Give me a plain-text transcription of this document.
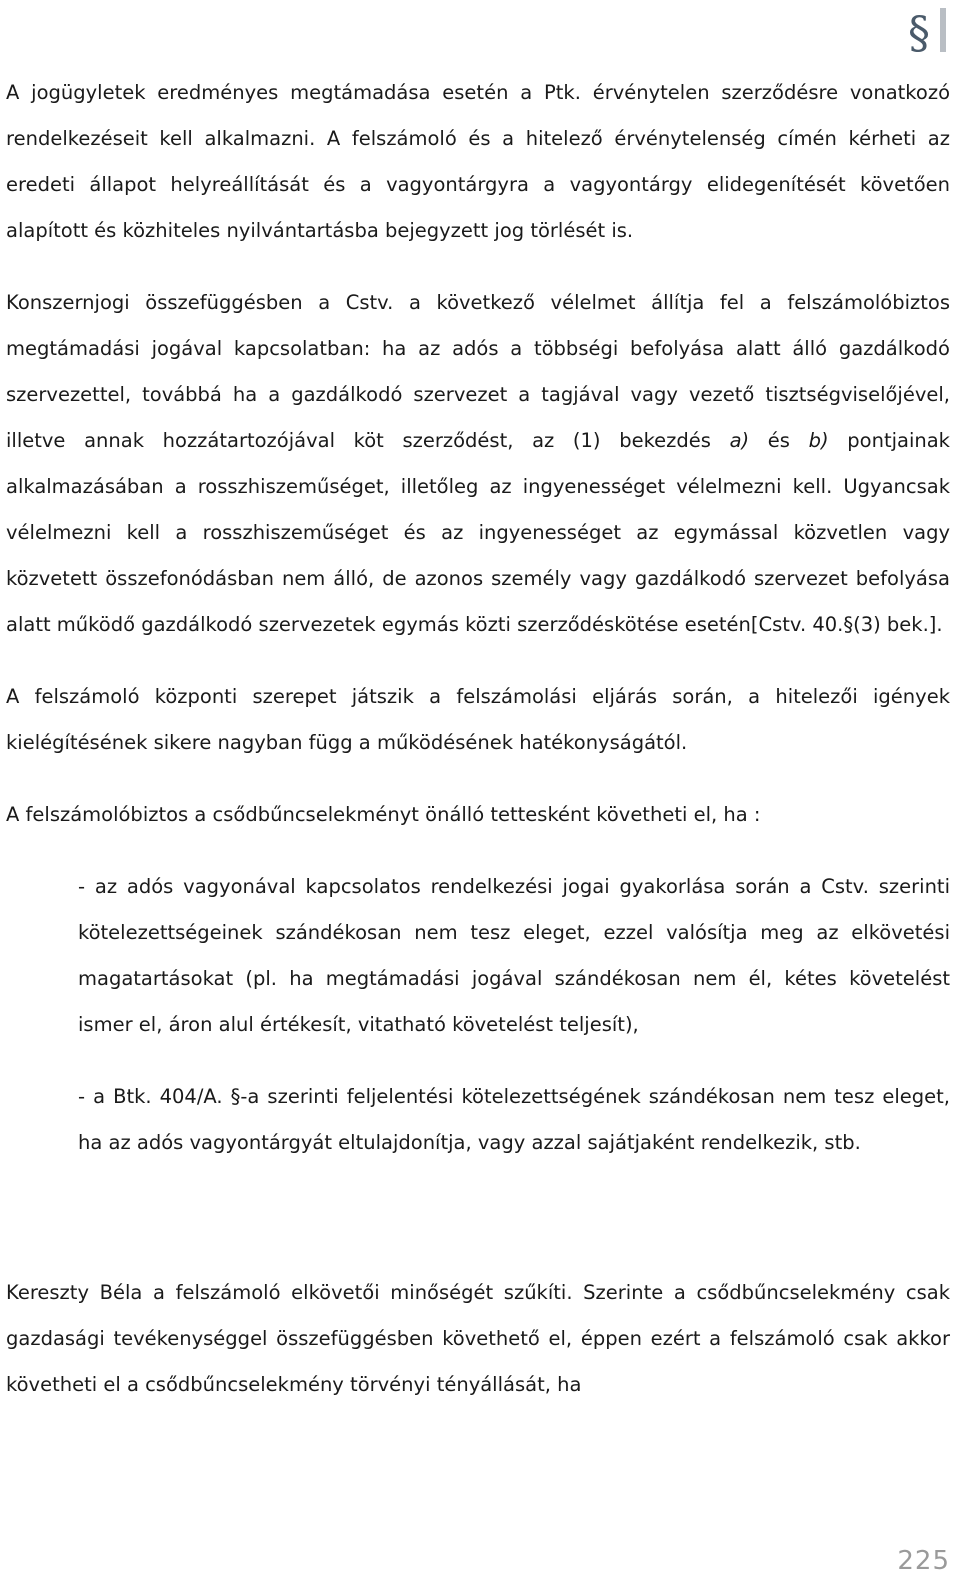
§

A jogügyletek eredményes megtámadása esetén a Ptk. érvénytelen szerződésre vonatkozó rendelkezéseit kell alkalmazni. A felszámoló és a hitelező érvénytelenség címén kérheti az eredeti állapot helyreállítását és a vagyontárgyra a vagyontárgy elidegenítését követően alapított és közhiteles nyilvántartásba bejegyzett jog törlését is.

Konszernjogi összefüggésben a Cstv. a következő vélelmet állítja fel a felszámolóbiztos megtámadási jogával kapcsolatban: ha az adós a többségi befolyása alatt álló gazdálkodó szervezettel, továbbá ha a gazdálkodó szervezet a tagjával vagy vezető tisztségviselőjével, illetve annak hozzátartozójával köt szerződést, az (1) bekezdés a) és b) pontjainak alkalmazásában a rosszhiszeműséget, illetőleg az ingyenességet vélelmezni kell. Ugyancsak vélelmezni kell a rosszhiszeműséget és az ingyenességet az egymással közvetlen vagy közvetett összefonódásban nem álló, de azonos személy vagy gazdálkodó szervezet befolyása alatt működő gazdálkodó szervezetek egymás közti szerződéskötése esetén[Cstv. 40.§(3) bek.].

A felszámoló központi szerepet játszik a felszámolási eljárás során, a hitelezői igények kielégítésének sikere nagyban függ a működésének hatékonyságától.

A felszámolóbiztos a csődbűncselekményt önálló tettesként követheti el, ha :

- az adós vagyonával kapcsolatos rendelkezési jogai gyakorlása során a Cstv. szerinti kötelezettségeinek szándékosan nem tesz eleget, ezzel valósítja meg az elkövetési magatartásokat (pl. ha megtámadási jogával szándékosan nem él, kétes követelést ismer el, áron alul értékesít, vitatható követelést teljesít),

- a Btk. 404/A. §-a szerinti feljelentési kötelezettségének szándékosan nem tesz eleget, ha az adós vagyontárgyát eltulajdonítja, vagy azzal sajátjaként rendelkezik, stb.

Kereszty Béla a felszámoló elkövetői minőségét szűkíti. Szerinte a csődbűncselekmény csak gazdasági tevékenységgel összefüggésben követhető el, éppen ezért a felszámoló csak akkor követheti el a csődbűncselekmény törvényi tényállását, ha

225
